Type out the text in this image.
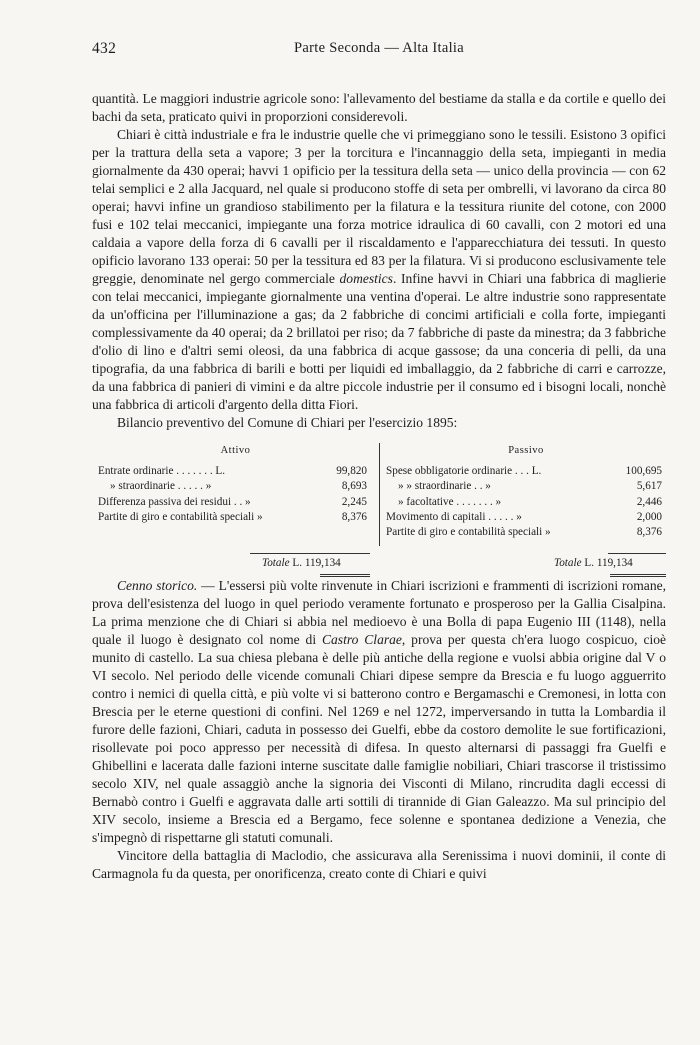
432	Parte Seconda — Alta Italia

quantità. Le maggiori industrie agricole sono: l'allevamento del bestiame da stalla e da cortile e quello dei bachi da seta, praticato quivi in proporzioni considerevoli.

Chiari è città industriale e fra le industrie quelle che vi primeggiano sono le tessili. Esistono 3 opifici per la trattura della seta a vapore; 3 per la torcitura e l'incannaggio della seta, impieganti in media giornalmente da 430 operai; havvi 1 opificio per la tessitura della seta — unico della provincia — con 62 telai semplici e 2 alla Jacquard, nel quale si producono stoffe di seta per ombrelli, vi lavorano da circa 80 operai; havvi infine un grandioso stabilimento per la filatura e la tessitura riunite del cotone, con 2000 fusi e 102 telai meccanici, impiegante una forza motrice idraulica di 60 cavalli, con 2 motori ed una caldaia a vapore della forza di 6 cavalli per il riscaldamento e l'apparecchiatura dei tessuti. In questo opificio lavorano 133 operai: 50 per la tessitura ed 83 per la filatura. Vi si producono esclusivamente tele greggie, denominate nel gergo commerciale domestics. Infine havvi in Chiari una fabbrica di maglierie con telai meccanici, impiegante giornalmente una ventina d'operai. Le altre industrie sono rappresentate da un'officina per l'illuminazione a gas; da 2 fabbriche di concimi artificiali e colla forte, impieganti complessivamente da 40 operai; da 2 brillatoi per riso; da 7 fabbriche di paste da minestra; da 3 fabbriche d'olio di lino e d'altri semi oleosi, da una fabbrica di acque gassose; da una conceria di pelli, da una tipografia, da una fabbrica di barili e botti per liquidi ed imballaggio, da 2 fabbriche di carri e carrozze, da una fabbrica di panieri di vimini e da altre piccole industrie per il consumo ed i bisogni locali, nonchè una fabbrica di articoli d'argento della ditta Fiori.

Bilancio preventivo del Comune di Chiari per l'esercizio 1895:

Attivo
Entrate ordinarie . . . . . . . L.	99,820
» straordinarie . . . . . »	8,693
Differenza passiva dei residui . . »	2,245
Partite di giro e contabilità speciali »	8,376
Passivo
Spese obbligatorie ordinarie . . . L.	100,695
» » straordinarie . . »	5,617
» facoltative . . . . . . . »	2,446
Movimento di capitali . . . . . »	2,000
Partite di giro e contabilità speciali »	8,376
Totale L. 119,134	Totale L. 119,134

Cenno storico. — L'essersi più volte rinvenute in Chiari iscrizioni e frammenti di iscrizioni romane, prova dell'esistenza del luogo in quel periodo veramente fortunato e prosperoso per la Gallia Cisalpina. La prima menzione che di Chiari si abbia nel medioevo è una Bolla di papa Eugenio III (1148), nella quale il luogo è designato col nome di Castro Clarae, prova per questa ch'era luogo cospicuo, cioè munito di castello. La sua chiesa plebana è delle più antiche della regione e vuolsi abbia origine dal V o VI secolo. Nel periodo delle vicende comunali Chiari dipese sempre da Brescia e fu luogo agguerrito contro i nemici di quella città, e più volte vi si batterono contro e Bergamaschi e Cremonesi, in lotta con Brescia per le eterne questioni di confini. Nel 1269 e nel 1272, imperversando in tutta la Lombardia il furore delle fazioni, Chiari, caduta in possesso dei Guelfi, ebbe da costoro demolite le sue fortificazioni, risollevate poi poco appresso per necessità di difesa. In questo alternarsi di passaggi fra Guelfi e Ghibellini e lacerata dalle fazioni interne suscitate dalle famiglie nobiliari, Chiari trascorse il tristissimo secolo XIV, nel quale assaggiò anche la signoria dei Visconti di Milano, rincrudita dagli eccessi di Bernabò contro i Guelfi e aggravata dalle arti sottili di tirannide di Gian Galeazzo. Ma sul principio del XIV secolo, insieme a Brescia ed a Bergamo, fece solenne e spontanea dedizione a Venezia, che s'impegnò di rispettarne gli statuti comunali.

Vincitore della battaglia di Maclodio, che assicurava alla Serenissima i nuovi dominii, il conte di Carmagnola fu da questa, per onorificenza, creato conte di Chiari e quivi
